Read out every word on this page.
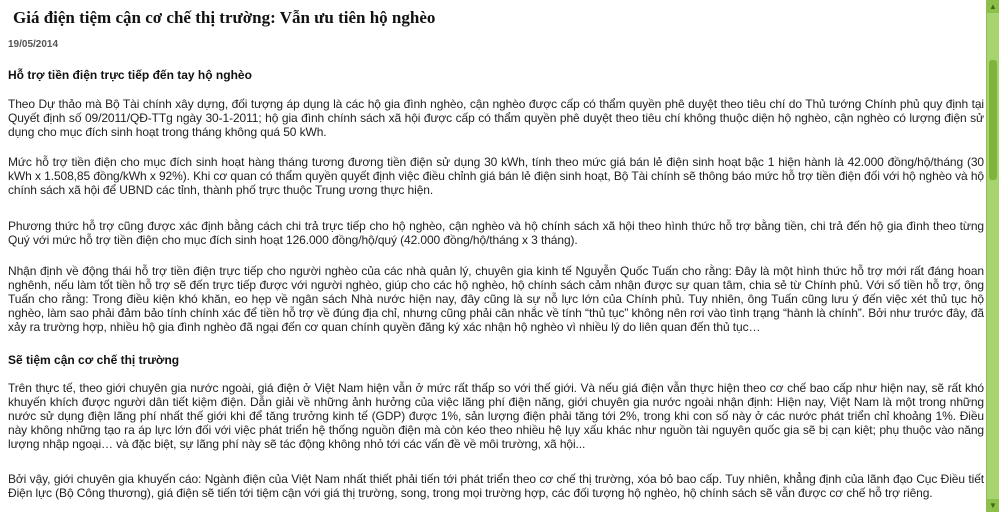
Giá điện tiệm cận cơ chế thị trường: Vẫn ưu tiên hộ nghèo
19/05/2014
Hỗ trợ tiền điện trực tiếp đến tay hộ nghèo

Theo Dự thảo mà Bộ Tài chính xây dựng, đối tượng áp dụng là các hộ gia đình nghèo, cận nghèo được cấp có thẩm quyền phê duyệt theo tiêu chí do Thủ tướng Chính phủ quy định tại Quyết định số 09/2011/QĐ-TTg ngày 30-1-2011; hộ gia đình chính sách xã hội được cấp có thẩm quyền phê duyệt theo tiêu chí không thuộc diện hộ nghèo, cận nghèo có lượng điện sử dụng cho mục đích sinh hoạt trong tháng không quá 50 kWh.

Mức hỗ trợ tiền điện cho mục đích sinh hoạt hàng tháng tương đương tiền điện sử dụng 30 kWh, tính theo mức giá bán lẻ điện sinh hoạt bậc 1 hiện hành là 42.000 đồng/hộ/tháng (30 kWh x 1.508,85 đồng/kWh x 92%). Khi cơ quan có thẩm quyền quyết định việc điều chỉnh giá bán lẻ điện sinh hoạt, Bộ Tài chính sẽ thông báo mức hỗ trợ tiền điện đối với hộ nghèo và hộ chính sách xã hội để UBND các tỉnh, thành phố trực thuộc Trung ương thực hiện.

Phương thức hỗ trợ cũng được xác định bằng cách chi trả trực tiếp cho hộ nghèo, cận nghèo và hộ chính sách xã hội theo hình thức hỗ trợ bằng tiền, chi trả đến hộ gia đình theo từng Quý với mức hỗ trợ tiền điện cho mục đích sinh hoạt 126.000 đồng/hộ/quý (42.000 đồng/hộ/tháng x 3 tháng).

Nhận định về động thái hỗ trợ tiền điện trực tiếp cho người nghèo của các nhà quản lý, chuyên gia kinh tế Nguyễn Quốc Tuấn cho rằng: Đây là một hình thức hỗ trợ mới rất đáng hoan nghênh, nếu làm tốt tiền hỗ trợ sẽ đến trực tiếp được với người nghèo, giúp cho các hộ nghèo, hộ chính sách cảm nhận được sự quan tâm, chia sẻ từ Chính phủ. Với số tiền hỗ trợ, ông Tuấn cho rằng: Trong điều kiện khó khăn, eo hẹp về ngân sách Nhà nước hiện nay, đây cũng là sự nỗ lực lớn của Chính phủ. Tuy nhiên, ông Tuấn cũng lưu ý đến việc xét thủ tục hộ nghèo, làm sao phải đảm bảo tính chính xác để tiền hỗ trợ về đúng địa chỉ, nhưng cũng phải cân nhắc về tính “thủ tục” không nên rơi vào tình trạng “hành là chính”. Bởi như trước đây, đã xảy ra trường hợp, nhiều hộ gia đình nghèo đã ngại đến cơ quan chính quyền đăng ký xác nhận hộ nghèo vì nhiều lý do liên quan đến thủ tục…

Sẽ tiệm cận cơ chế thị trường

Trên thực tế, theo giới chuyên gia nước ngoài, giá điện ở Việt Nam hiện vẫn ở mức rất thấp so với thế giới. Và nếu giá điện vẫn thực hiện theo cơ chế bao cấp như hiện nay, sẽ rất khó khuyến khích được người dân tiết kiệm điện. Dẫn giải về những ảnh hưởng của việc lãng phí điện năng, giới chuyên gia nước ngoài nhận định: Hiện nay, Việt Nam là một trong những nước sử dụng điện lãng phí nhất thế giới khi để tăng trưởng kinh tế (GDP) được 1%, sản lượng điện phải tăng tới 2%, trong khi con số này ở các nước phát triển chỉ khoảng 1%. Điều này không những tạo ra áp lực lớn đối với việc phát triển hệ thống nguồn điện mà còn kéo theo nhiều hệ lụy xấu khác như nguồn tài nguyên quốc gia sẽ bị cạn kiệt; phụ thuộc vào năng lượng nhập ngoại… và đặc biệt, sự lãng phí này sẽ tác động không nhỏ tới các vấn đề về môi trường, xã hội...

Bởi vậy, giới chuyên gia khuyến cáo: Ngành điện của Việt Nam nhất thiết phải tiến tới phát triển theo cơ chế thị trường, xóa bỏ bao cấp. Tuy nhiên, khẳng định của lãnh đạo Cục Điều tiết Điện lực (Bộ Công thương), giá điện sẽ tiến tới tiệm cận với giá thị trường, song, trong mọi trường hợp, các đối tượng hộ nghèo, hộ chính sách sẽ vẫn được cơ chế hỗ trợ riêng.

▲
▼
